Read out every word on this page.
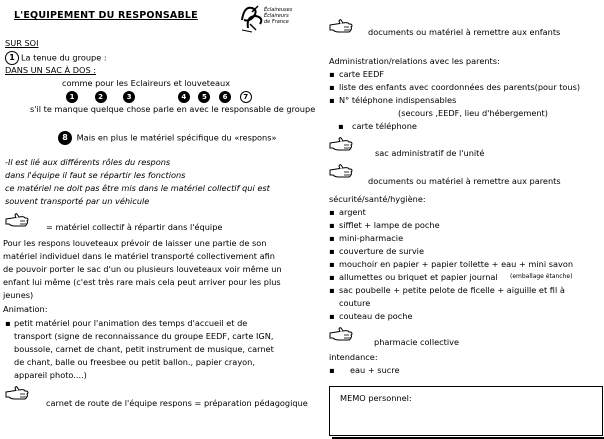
L'EQUIPEMENT DU RESPONSABLE	Éclaireuses
Éclaireurs
de France
SUR SOI
1 La tenue du groupe :
DANS UN SAC À DOS :
comme pour les Eclaireurs et louveteaux
1	2	3	4 5 6 7
s'il te manque quelque chose parle en avec le responsable de groupe
8 Mais en plus le matériel spécifique du «respons»
-Il est lié aux différents rôles du respons
dans l'équipe il faut se répartir les fonctions
ce matériel ne doit pas être mis dans le matériel collectif qui est
souvent transporté par un véhicule
= matériel collectif à répartir dans l'équipe
Pour les respons louveteaux prévoir de laisser une partie de son
matériel individuel dans le matériel transporté collectivement afin
de pouvoir porter le sac d'un ou plusieurs louveteaux voir même un
enfant lui même (c'est très rare mais cela peut arriver pour les plus
jeunes)
Animation:
▪ petit matériel pour l'animation des temps d'accueil et de
transport (signe de reconnaissance du groupe EEDF, carte IGN,
boussole, carnet de chant, petit instrument de musique, carnet
de chant, balle ou freesbee ou petit ballon., papier crayon,
appareil photo....)
carnet de route de l'équipe respons = préparation pédagogique
documents ou matériel à remettre aux enfants
Administration/relations avec les parents:
▪ carte EEDF
▪ liste des enfants avec coordonnées des parents(pour tous)
▪ N° téléphone indispensables
(secours ,EEDF, lieu d'hébergement)
▪ carte téléphone
sac administratif de l'unité
documents ou matériel à remettre aux parents
sécurité/santé/hygiène:
▪ argent
▪ sifflet + lampe de poche
▪ mini-pharmacie
▪ couverture de survie
▪ mouchoir en papier + papier toilette + eau + mini savon
▪ allumettes ou briquet et papier journal (emballage étanche)
▪ sac poubelle + petite pelote de ficelle + aiguille et fil à
couture
▪ couteau de poche
pharmacie collective
intendance:
▪ eau + sucre
MEMO personnel:
